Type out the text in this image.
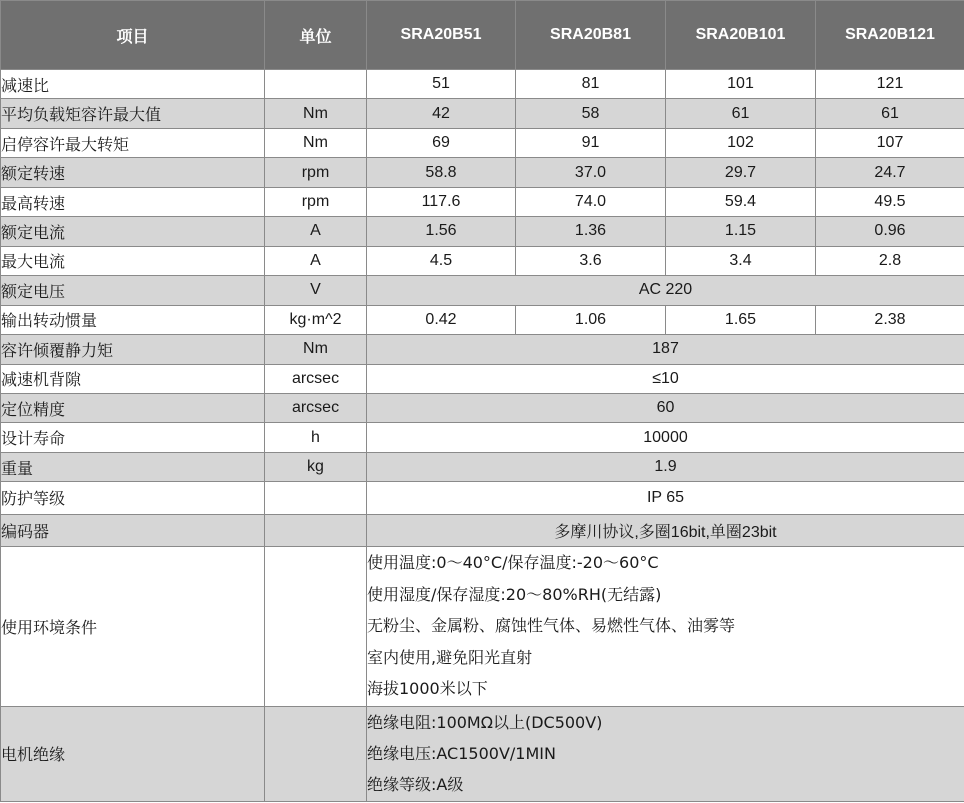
项目	单位	SRA20B51	SRA20B81	SRA20B101	SRA20B121
减速比		51	81	101	121
平均负载矩容许最大值	Nm	42	58	61	61
启停容许最大转矩	Nm	69	91	102	107
额定转速	rpm	58.8	37.0	29.7	24.7
最高转速	rpm	117.6	74.0	59.4	49.5
额定电流	A	1.56	1.36	1.15	0.96
最大电流	A	4.5	3.6	3.4	2.8
额定电压	V	AC 220			
输出转动惯量	kg·m^2	0.42	1.06	1.65	2.38
容许倾覆静力矩	Nm	187			
减速机背隙	arcsec	≤10			
定位精度	arcsec	60			
设计寿命	h	10000			
重量	kg	1.9			
防护等级		IP 65			
编码器		多摩川协议,多圈16bit,单圈23bit			
使用环境条件		使用温度:0～40°C/保存温度:-20～60°C
使用湿度/保存湿度:20～80%RH(无结露)
无粉尘、金属粉、腐蚀性气体、易燃性气体、油雾等
室内使用,避免阳光直射
海拔1000米以下			

电机绝缘		绝缘电阻:100MΩ以上(DC500V)
绝缘电压:AC1500V/1MIN
绝缘等级:A级			
